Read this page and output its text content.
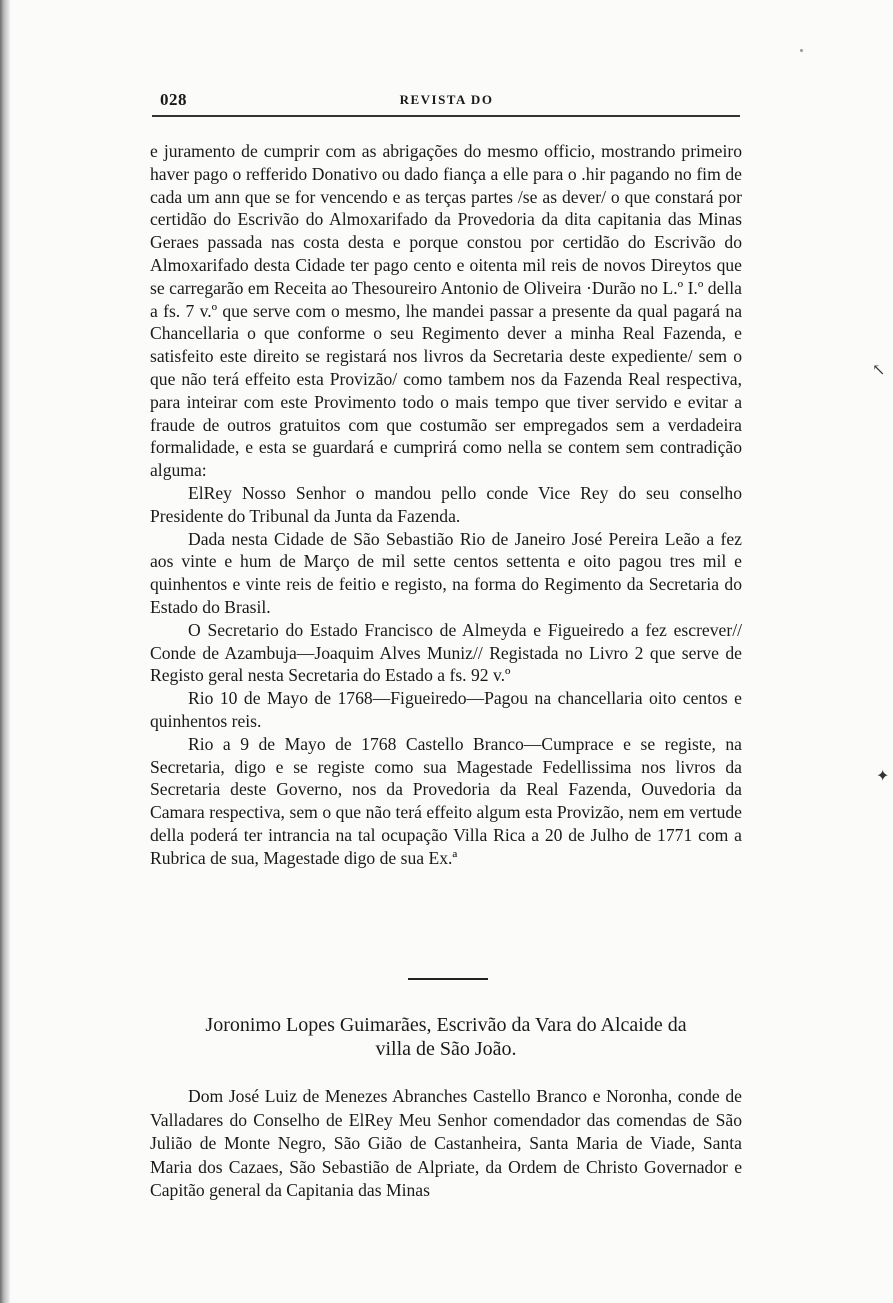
028	REVISTA DO

e juramento de cumprir com as abrigações do mesmo officio, mostrando primeiro haver pago o refferido Donativo ou dado fiança a elle para o .hir pagando no fim de cada um ann que se for vencendo e as terças partes /se as dever/ o que constará por certidão do Escrivão do Almoxarifado da Provedoria da dita capitania das Minas Geraes passada nas costa desta e porque constou por certidão do Escrivão do Almoxarifado desta Cidade ter pago cento e oitenta mil reis de novos Direytos que se carregarão em Receita ao Thesoureiro Antonio de Oliveira ·Durão no L.º I.º della a fs. 7 v.º que serve com o mesmo, lhe mandei passar a presente da qual pagará na Chancellaria o que conforme o seu Regimento dever a minha Real Fazenda, e satisfeito este direito se registará nos livros da Secretaria deste expediente/ sem o que não terá effeito esta Provizão/ como tambem nos da Fazenda Real respectiva, para inteirar com este Provimento todo o mais tempo que tiver servido e evitar a fraude de outros gratuitos com que costumão ser empregados sem a verdadeira formalidade, e esta se guardará e cumprirá como nella se contem sem contradição alguma:

ElRey Nosso Senhor o mandou pello conde Vice Rey do seu conselho Presidente do Tribunal da Junta da Fazenda.

Dada nesta Cidade de São Sebastião Rio de Janeiro José Pereira Leão a fez aos vinte e hum de Março de mil sette centos settenta e oito pagou tres mil e quinhentos e vinte reis de feitio e registo, na forma do Regimento da Secretaria do Estado do Brasil.

O Secretario do Estado Francisco de Almeyda e Figueiredo a fez escrever// Conde de Azambuja—Joaquim Alves Muniz// Registada no Livro 2 que serve de Registo geral nesta Secretaria do Estado a fs. 92 v.º

Rio 10 de Mayo de 1768—Figueiredo—Pagou na chancellaria oito centos e quinhentos reis.

Rio a 9 de Mayo de 1768 Castello Branco—Cumprace e se registe, na Secretaria, digo e se registe como sua Magestade Fedellissima nos livros da Secretaria deste Governo, nos da Provedoria da Real Fazenda, Ouvedoria da Camara respectiva, sem o que não terá effeito algum esta Provizão, nem em vertude della poderá ter intrancia na tal ocupação Villa Rica a 20 de Julho de 1771 com a Rubrica de sua, Magestade digo de sua Ex.ª

↖
✦
Joronimo Lopes Guimarães, Escrivão da Vara do Alcaide da
villa de São João.

Dom José Luiz de Menezes Abranches Castello Branco e Noronha, conde de Valladares do Conselho de ElRey Meu Senhor comendador das comendas de São Julião de Monte Negro, São Gião de Castanheira, Santa Maria de Viade, Santa Maria dos Cazaes, São Sebastião de Alpriate, da Ordem de Christo Governador e Capitão general da Capitania das Minas
